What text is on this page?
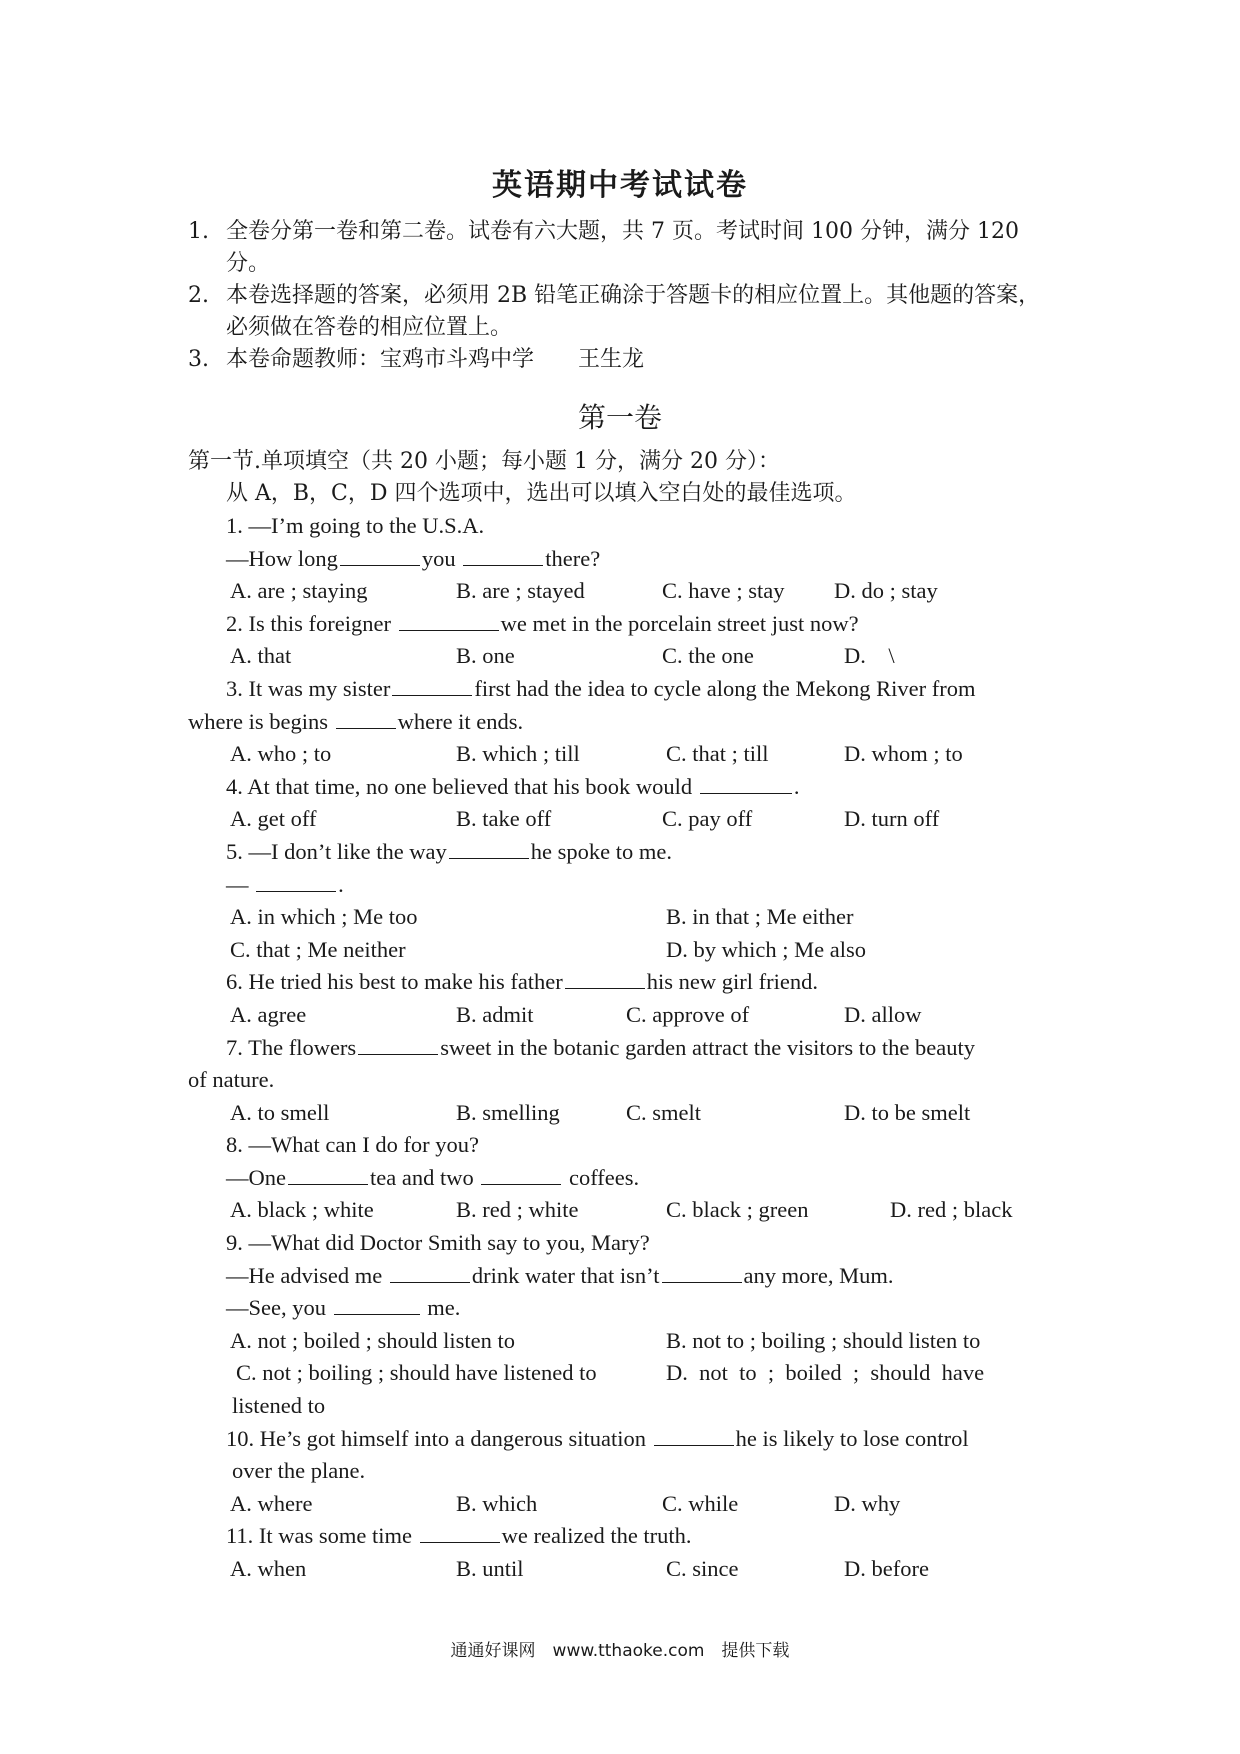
英语期中考试试卷

1. 全卷分第一卷和第二卷。试卷有六大题，共 7 页。考试时间 100 分钟，满分 120 分。

2. 本卷选择题的答案，必须用 2B 铅笔正确涂于答题卡的相应位置上。其他题的答案，必须做在答卷的相应位置上。

3. 本卷命题教师：宝鸡市斗鸡中学　　王生龙

第一卷

第一节.单项填空（共 20 小题；每小题 1 分，满分 20 分）：

从 A，B，C，D 四个选项中，选出可以填入空白处的最佳选项。

1. —I’m going to the U.S.A.

—How long	you	there?

A. are ; staying	B. are ; stayed	C. have ; stay D. do ; stay

2. Is this foreigner	we met in the porcelain street just now?

A. that	B. one	C. the one	D.　\

3. It was my sister	first had the idea to cycle along the Mekong River from

where is begins	where it ends.

A. who ; to	B. which ; till	C. that ; till	D. whom ; to

4. At that time, no one believed that his book would	.

A. get off	B. take off	C. pay off	D. turn off

5. —I don’t like the way	he spoke to me.

—	.

A. in which ; Me too	B. in that ; Me either
C. that ; Me neither	D. by which ; Me also

6. He tried his best to make his father	his new girl friend.

A. agree	B. admit	C. approve of	D. allow

7. The flowers	sweet in the botanic garden attract the visitors to the beauty

of nature.

A. to smell	B. smelling	C. smelt	D. to be smelt

8. —What can I do for you?

—One	tea and two	coffees.

A. black ; white	B. red ; white	C. black ; green	D. red ; black

9. —What did Doctor Smith say to you, Mary?

—He advised me	drink water that isn’t	any more, Mum.

—See, you	me.

A. not ; boiled ; should listen to	B. not to ; boiling ; should listen to
C. not ; boiling ; should have listened to	D.  not  to  ;  boiled  ;  should  have

listened to

10. He’s got himself into a dangerous situation	he is likely to lose control

over the plane.

A. where	B. which	C. while	D. why

11. It was some time	we realized the truth.

A. when	B. until	C. since	D. before
通通好课网　www.tthaoke.com　提供下载
